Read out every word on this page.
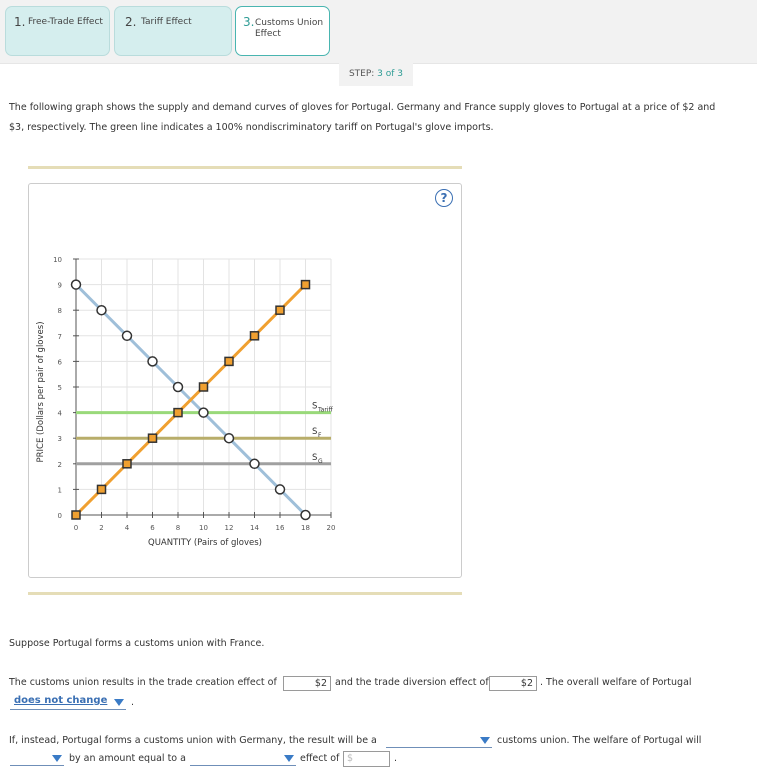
1. Free-Trade Effect 2. Tariff Effect	3. Customs Union
Effect
STEP: 3 of 3
The following graph shows the supply and demand curves of gloves for Portugal. Germany and France supply gloves to Portugal at a price of $2 and
$3, respectively. The green line indicates a 100% nondiscriminatory tariff on Portugal's glove imports.
?
0
1
2
3
4
5
6
7
8
9
10
0	2	4	6	8	10 12 14 16 18 20
QUANTITY (Pairs of gloves)
PRICE (Dollars per pair of gloves)	S Tariff
S F
S G
Suppose Portugal forms a customs union with France.
The customs union results in the trade creation effect of	$2 and the trade diversion effect of	$2 . The overall welfare of Portugal
does not change .
If, instead, Portugal forms a customs union with Germany, the result will be a	customs union. The welfare of Portugal will
by an amount equal to a	effect of $	.
